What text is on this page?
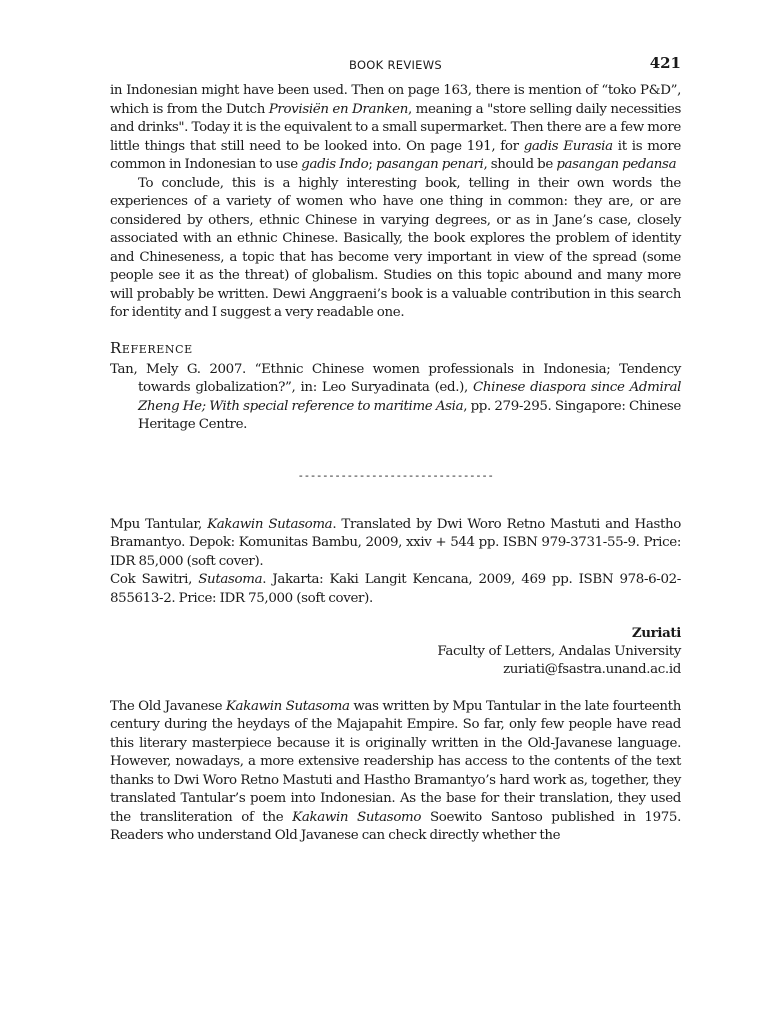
BOOK REVIEWS	421

in Indonesian might have been used. Then on page 163, there is mention of “toko P&D”, which is from the Dutch Provisiën en Dranken, meaning a "store selling daily necessities and drinks". Today it is the equivalent to a small supermarket. Then there are a few more little things that still need to be looked into. On page 191, for gadis Eurasia it is more common in Indonesian to use gadis Indo; pasangan penari, should be pasangan pedansa

To conclude, this is a highly interesting book, telling in their own words the experiences of a variety of women who have one thing in common: they are, or are considered by others, ethnic Chinese in varying degrees, or as in Jane’s case, closely associated with an ethnic Chinese. Basically, the book explores the problem of identity and Chineseness, a topic that has become very important in view of the spread (some people see it as the threat) of globalism. Studies on this topic abound and many more will probably be written. Dewi Anggraeni’s book is a valuable contribution in this search for identity and I suggest a very readable one.

Reference

Tan, Mely G. 2007. “Ethnic Chinese women professionals in Indonesia; Tendency towards globalization?”, in: Leo Suryadinata (ed.), Chinese diaspora since Admiral Zheng He; With special reference to maritime Asia, pp. 279-295. Singapore: Chinese Heritage Centre.

--------------------------------

Mpu Tantular, Kakawin Sutasoma. Translated by Dwi Woro Retno Mastuti and Hastho Bramantyo. Depok: Komunitas Bambu, 2009, xxiv + 544 pp. ISBN 979-3731-55-9. Price: IDR 85,000 (soft cover).

Cok Sawitri, Sutasoma. Jakarta: Kaki Langit Kencana, 2009, 469 pp. ISBN 978-6-02-855613-2. Price: IDR 75,000 (soft cover).

Zuriati
Faculty of Letters, Andalas University
zuriati@fsastra.unand.ac.id

The Old Javanese Kakawin Sutasoma was written by Mpu Tantular in the late fourteenth century during the heydays of the Majapahit Empire. So far, only few people have read this literary masterpiece because it is originally written in the Old-Javanese language. However, nowadays, a more extensive readership has access to the contents of the text thanks to Dwi Woro Retno Mastuti and Hastho Bramantyo’s hard work as, together, they translated Tantular’s poem into Indonesian. As the base for their translation, they used the transliteration of the Kakawin Sutasomo Soewito Santoso published in 1975. Readers who understand Old Javanese can check directly whether the
